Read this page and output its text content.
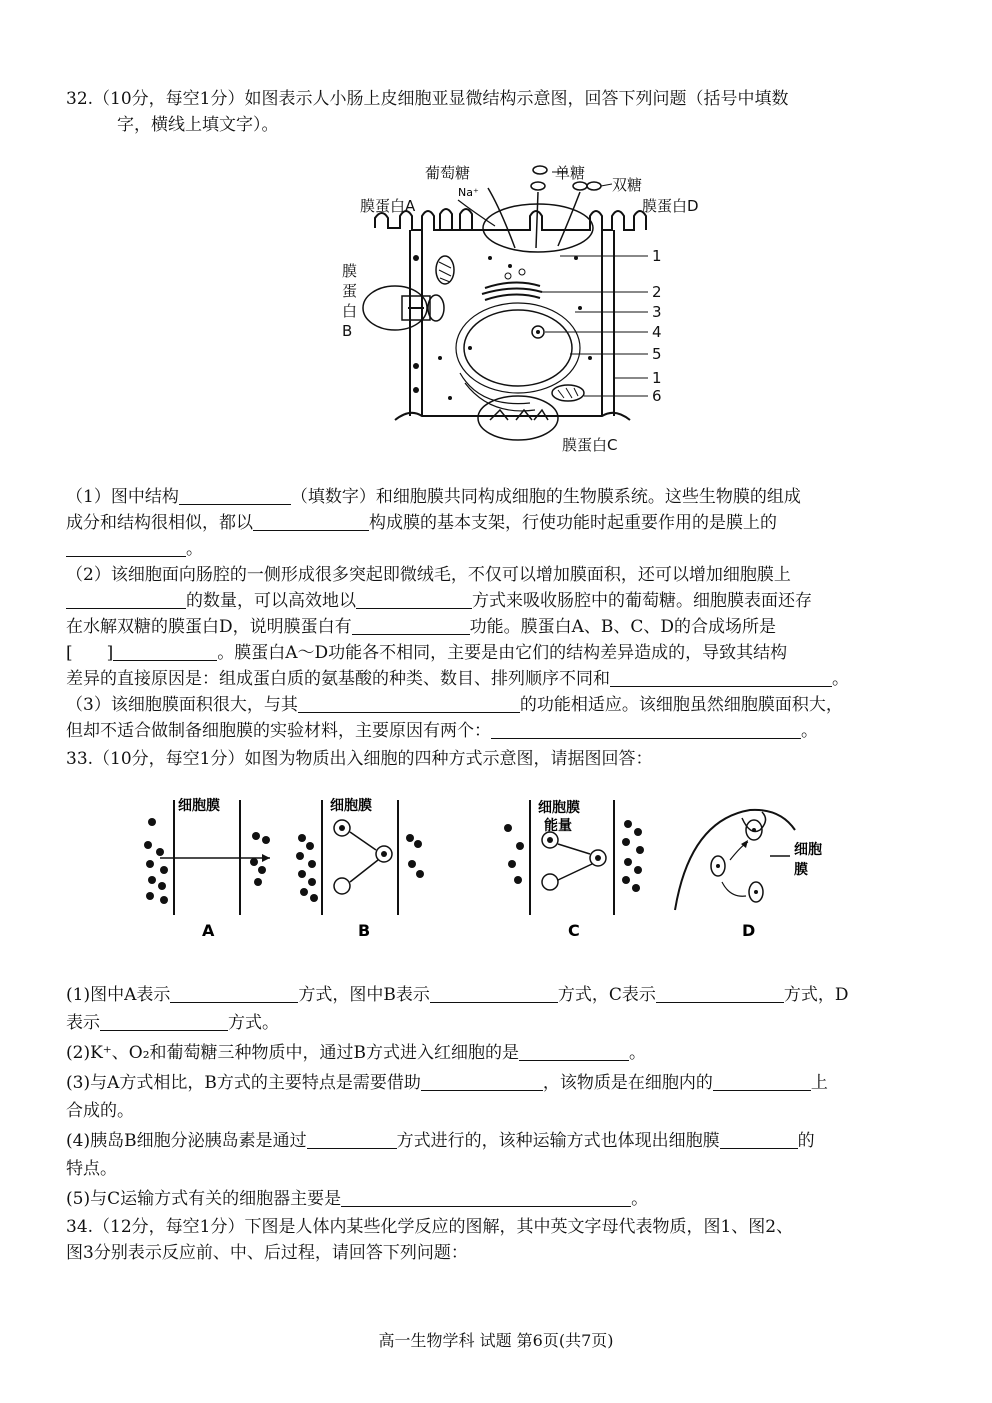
32.（10分，每空1分）如图表示人小肠上皮细胞亚显微结构示意图，回答下列问题（括号中填数
字，横线上填文字）。
葡萄糖
Na⁺
单糖
双糖
膜蛋白A	膜蛋白D
膜
蛋
白
B
膜蛋白C
1
2
3
4
5
1
6
（1）图中结构	（填数字）和细胞膜共同构成细胞的生物膜系统。这些生物膜的组成
成分和结构很相似，都以	构成膜的基本支架，行使功能时起重要作用的是膜上的
。
（2）该细胞面向肠腔的一侧形成很多突起即微绒毛，不仅可以增加膜面积，还可以增加细胞膜上
的数量，可以高效地以	方式来吸收肠腔中的葡萄糖。细胞膜表面还存
在水解双糖的膜蛋白D，说明膜蛋白有	功能。膜蛋白A、B、C、D的合成场所是
[　　]	。膜蛋白A～D功能各不相同，主要是由它们的结构差异造成的，导致其结构
差异的直接原因是：组成蛋白质的氨基酸的种类、数目、排列顺序不同和	。
（3）该细胞膜面积很大，与其	的功能相适应。该细胞虽然细胞膜面积大，
但却不适合做制备细胞膜的实验材料，主要原因有两个：	。
33.（10分，每空1分）如图为物质出入细胞的四种方式示意图，请据图回答：
细胞膜
A
细胞膜
B
细胞膜
能量
C
细胞
膜
D
(1)图中A表示	方式，图中B表示	方式，C表示	方式，D
表示	方式。
(2)K⁺、O₂和葡萄糖三种物质中，通过B方式进入红细胞的是	。
(3)与A方式相比，B方式的主要特点是需要借助	，该物质是在细胞内的	上
合成的。
(4)胰岛B细胞分泌胰岛素是通过	方式进行的，该种运输方式也体现出细胞膜	的
特点。
(5)与C运输方式有关的细胞器主要是	。
34.（12分，每空1分）下图是人体内某些化学反应的图解，其中英文字母代表物质，图1、图2、
图3分别表示反应前、中、后过程，请回答下列问题：
高一生物学科 试题 第6页(共7页)
